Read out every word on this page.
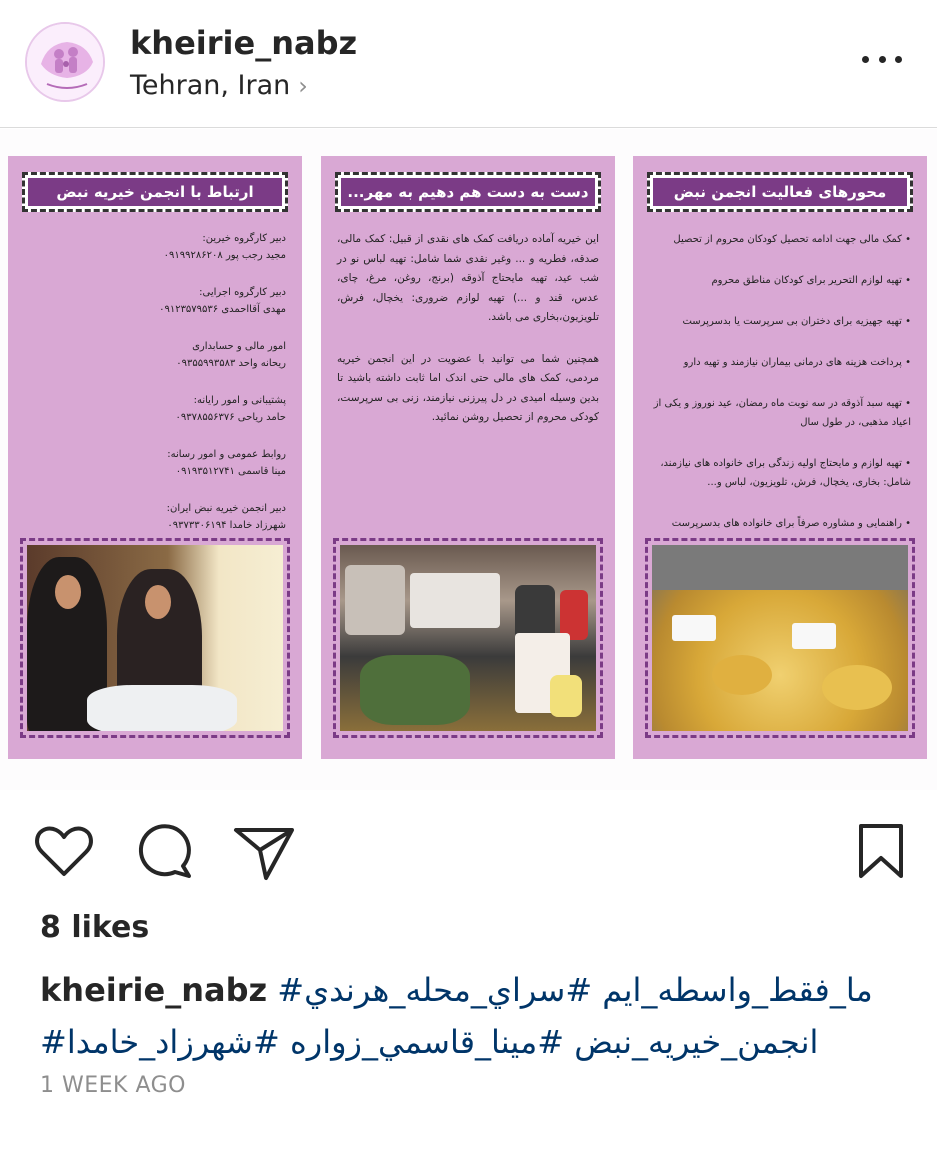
kheirie_nabz
Tehran, Iran ›
ارتباط با انجمن خیریه نبض
دبیر کارگروه خیرین:
مجید رجب پور ۰۹۱۹۹۲۸۶۲۰۸
دبیر کارگروه اجرایی:
مهدی آقااحمدی ۰۹۱۲۳۵۷۹۵۳۶
امور مالی و حسابداری
ریحانه واحد ۰۹۳۵۵۹۹۳۵۸۳
پشتیبانی و امور رایانه:
حامد ریاحی ۰۹۳۷۸۵۵۶۳۷۶
روابط عمومی و امور رسانه:
مینا قاسمی ۰۹۱۹۳۵۱۲۷۴۱
دبیر انجمن خیریه نبض ایران:
شهرزاد خامدا ۰۹۳۷۳۳۰۶۱۹۴
دست به دست هم دهیم به مهر...

این خیریه آماده دریافت کمک های نقدی از قبیل: کمک مالی، صدقه، فطریه و ... وغیر نقدی شما شامل: تهیه لباس نو در شب عید، تهیه مایحتاج آذوقه (برنج، روغن، مرغ، چای، عدس، قند و ...) تهیه لوازم ضروری: یخچال، فرش، تلویزیون،بخاری می باشد.

همچنین شما می توانید با عضویت در این انجمن خیریه مردمی، کمک های مالی حتی اندک اما ثابت داشته باشید تا بدین وسیله امیدی در دل پیرزنی نیازمند، زنی بی سرپرست، کودکی محروم از تحصیل روشن نمائید.

محورهای فعالیت انجمن نبض
• کمک مالی جهت ادامه تحصیل کودکان محروم از تحصیل
• تهیه لوازم التحریر برای کودکان مناطق محروم
• تهیه جهیزیه برای دختران بی سرپرست یا بدسرپرست
• پرداخت هزینه های درمانی بیماران نیازمند و تهیه دارو
• تهیه سبد آذوقه در سه نوبت ماه رمضان، عید نوروز و یکی از اعیاد مذهبی، در طول سال
• تهیه لوازم و مایحتاج اولیه زندگی برای خانواده های نیازمند، شامل: بخاری، یخچال، فرش، تلویزیون، لباس و...
• راهنمایی و مشاوره صرفاً برای خانواده های بدسرپرست
8 likes
kheirie_nabz #ما_فقط_واسطه_ايم #سراي_محله_هرندي
#انجمن_خيريه_نبض #مينا_قاسمي_زواره #شهرزاد_خامدا
1 WEEK AGO
